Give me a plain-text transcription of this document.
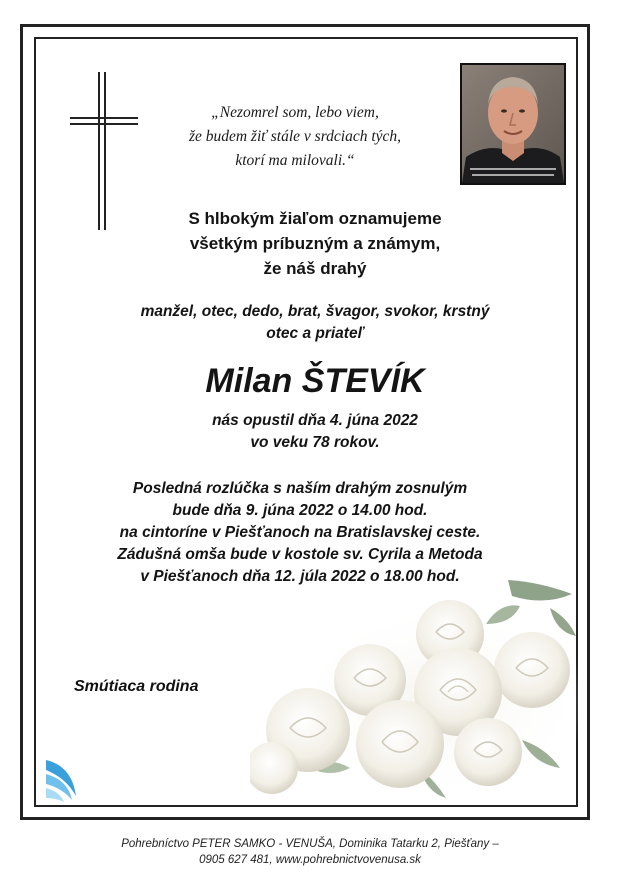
„Nezomrel som, lebo viem,
že budem žiť stále v srdciach tých,
ktorí ma milovali.“
S hlbokým žiaľom oznamujeme
všetkým príbuzným a známym,
že náš drahý
manžel, otec, dedo, brat, švagor, svokor, krstný
otec a priateľ
Milan ŠTEVÍK
nás opustil dňa 4. júna 2022
vo veku 78 rokov.
Posledná rozlúčka s naším drahým zosnulým
bude dňa 9. júna 2022 o 14.00 hod.
na cintoríne v Piešťanoch na Bratislavskej ceste.
Zádušná omša bude v kostole sv. Cyrila a Metoda
v Piešťanoch dňa 12. júla 2022 o 18.00 hod.
Smútiaca rodina
Pohrebníctvo PETER SAMKO - VENUŠA, Dominika Tatarku 2, Piešťany –
0905 627 481, www.pohrebnictvovenusa.sk
